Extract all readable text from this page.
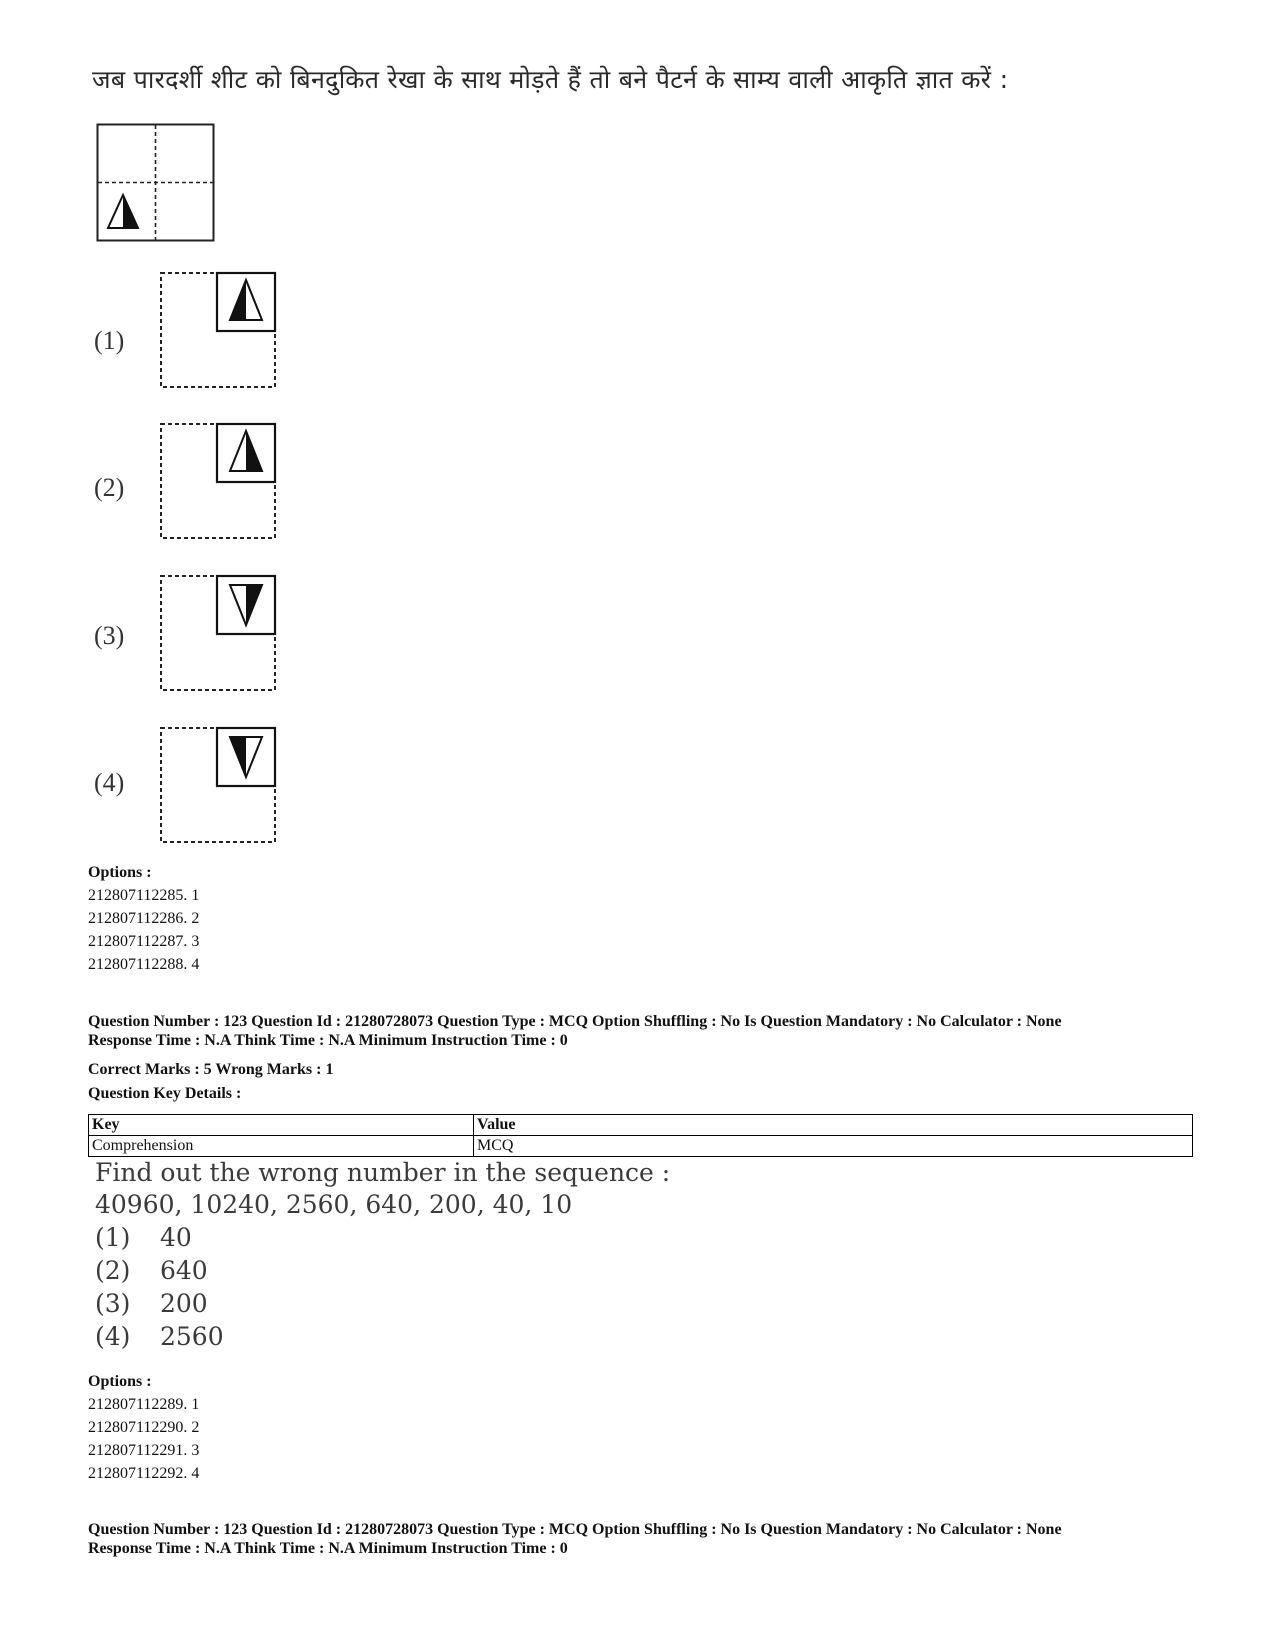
जब पारदर्शी शीट को बिनदुकित रेखा के साथ मोड़ते हैं तो बने पैटर्न के साम्य वाली आकृति ज्ञात करें :
(1)
(2)
(3)
(4)
Options :
212807112285. 1
212807112286. 2
212807112287. 3
212807112288. 4
Question Number : 123 Question Id : 21280728073 Question Type : MCQ Option Shuffling : No Is Question Mandatory : No Calculator : None
Response Time : N.A Think Time : N.A Minimum Instruction Time : 0
Correct Marks : 5 Wrong Marks : 1
Question Key Details :
Key	Value
Comprehension	MCQ
Find out the wrong number in the sequence :
40960, 10240, 2560, 640, 200, 40, 10
(1) 40
(2) 640
(3) 200
(4) 2560
Options :
212807112289. 1
212807112290. 2
212807112291. 3
212807112292. 4
Question Number : 123 Question Id : 21280728073 Question Type : MCQ Option Shuffling : No Is Question Mandatory : No Calculator : None
Response Time : N.A Think Time : N.A Minimum Instruction Time : 0
